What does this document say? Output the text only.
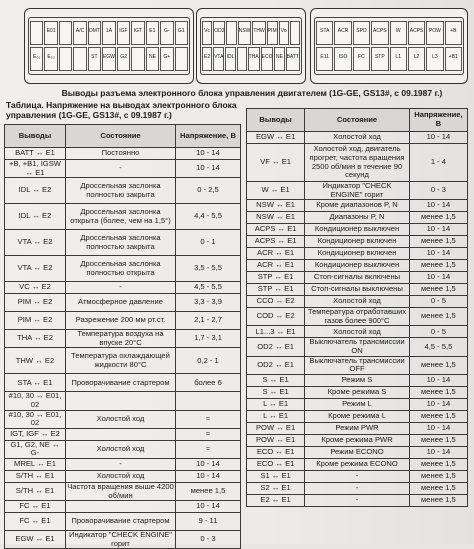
E01	A/C DMT	1A	IGF	IGT	E1	G-	G1
E₀₁	E₀₂	ST	EGW	G2	NE	G+
Vc OD2	NSW THW PIM Vo
E2 VTA IDL	THA ECO NE BATT
STA	ACR	SPD	ACPS	W	ACPS	POW	+B
E11	ISO	FC	STP	L1	L2	L3	+B1
Выводы разъема электронного блока управления двигателем (1G-GE, GS13#, с 09.1987 г.)
Таблица. Напряжение на выводах электронного блока управления (1G-GE, GS13#, с 09.1987 г.)
Выводы	Состояние	Напряжение, В
BATT ↔ E1	Постоянно	10 - 14
+B, +B1, IGSW ↔ E1	-	10 - 14
IDL ↔ E2	Дроссельная заслонка полностью закрыта	0 - 2,5
IDL ↔ E2	Дроссельная заслонка открыта (более, чем на 1,5°)	4,4 - 5,5
VTA ↔ E2	Дроссельная заслонка полностью закрыта	0 - 1
VTA ↔ E2	Дроссельная заслонка полностью открыта	3,5 - 5,5
VC ↔ E2	-	4,5 - 5,5
PIM ↔ E2	Атмосферное давление	3,3 - 3,9
PIM ↔ E2	Разрежение 200 мм рт.ст.	2,1 - 2,7
THA ↔ E2	Температура воздуха на впуске 20°C	1,7 - 3,1
THW ↔ E2	Температура охлаждающей жидкости 80°C	0,2 - 1
STA ↔ E1	Проворачивание стартером	более 6
#10, 30 ↔ E01, 02		
#10, 30 ↔ E01, 02	Холостой ход	≈
IGT, IGF ↔ E2		≈
G1, G2, NE ↔ G-	Холостой ход	≈
MREL ↔ E1	-	10 - 14
S/TH ↔ E1	Холостой ход	10 - 14
S/TH ↔ E1	Частота вращения выше 4200 об/мин	менее 1,5
FC ↔ E1		10 - 14
FC ↔ E1	Проворачивание стартером	9 - 11
EGW ↔ E1	Индикатор "CHECK ENGINE" горит	0 - 3
Выводы	Состояние	Напряжение, В
EGW ↔ E1	Холостой ход	10 - 14
VF ↔ E1	Холостой ход, двигатель прогрет, частота вращения 2500 об/мин в течение 90 секунд	1 - 4
W ↔ E1	Индикатор "CHECK ENGINE" горит	0 - 3
NSW ↔ E1	Кроме диапазонов P, N	10 - 14
NSW ↔ E1	Диапазоны P, N	менее 1,5
ACPS ↔ E1	Кондиционер выключен	10 - 14
ACPS ↔ E1	Кондиционер включен	менее 1,5
ACR ↔ E1	Кондиционер включен	10 - 14
ACR ↔ E1	Кондиционер выключен	менее 1,5
STP ↔ E1	Стоп-сигналы включены	10 - 14
STP ↔ E1	Стоп-сигналы выключены	менее 1,5
CCO ↔ E2	Холостой ход	0 - 5
COD ↔ E2	Температура отработавших газов более 900°C	менее 1,5
L1...3 ↔ E1	Холостой ход	0 - 5
OD2 ↔ E1	Выключатель трансмиссии ON	4,5 - 5,5
OD2 ↔ E1	Выключатель трансмиссии OFF	менее 1,5
S ↔ E1	Режим S	10 - 14
S ↔ E1	Кроме режима S	менее 1,5
L ↔ E1	Режим L	10 - 14
L ↔ E1	Кроме режима L	менее 1,5
POW ↔ E1	Режим PWR	10 - 14
POW ↔ E1	Кроме режима PWR	менее 1,5
ECO ↔ E1	Режим ECONO	10 - 14
ECO ↔ E1	Кроме режима ECONO	менее 1,5
S1 ↔ E1	-	менее 1,5
S2 ↔ E1	-	менее 1,5
E2 ↔ E1	-	менее 1,5
